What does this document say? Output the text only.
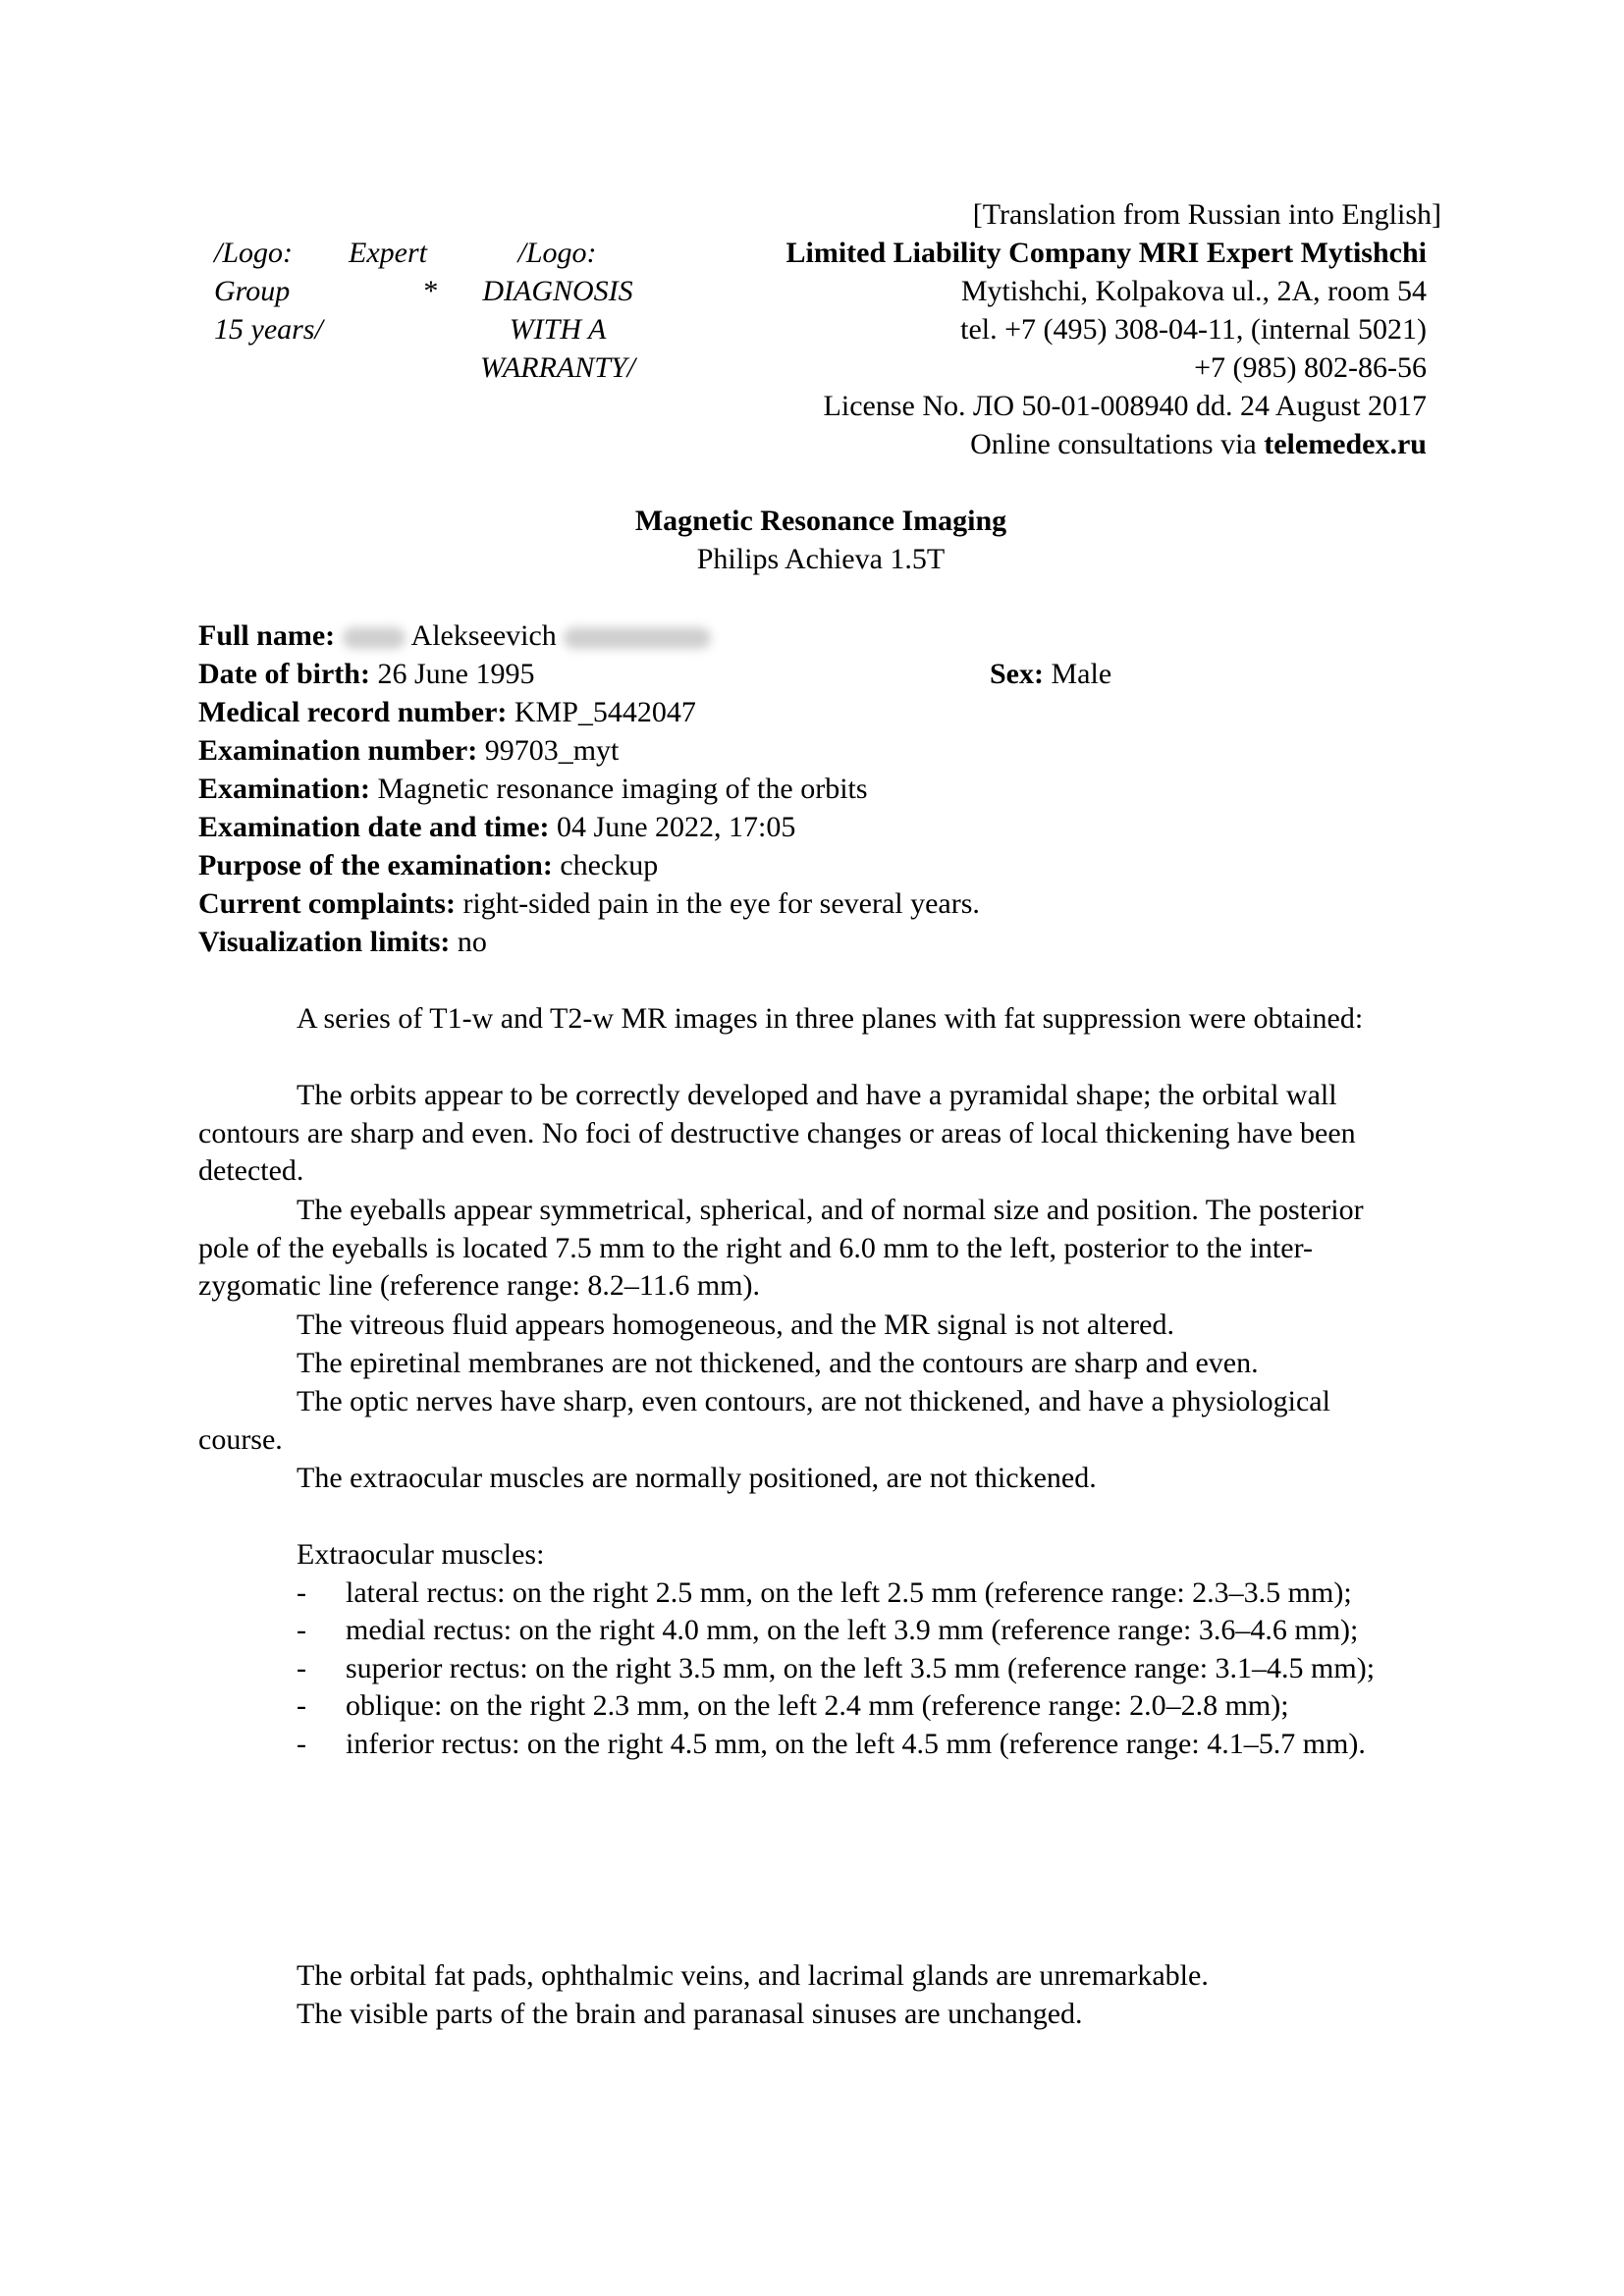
[Translation from Russian into English]
/Logo: Expert
Group	*
15 years/
/Logo:
DIAGNOSIS
WITH A
WARRANTY/
Limited Liability Company MRI Expert Mytishchi
Mytishchi, Kolpakova ul., 2A, room 54
tel. +7 (495) 308-04-11, (internal 5021)
+7 (985) 802-86-56
License No. ЛО 50-01-008940 dd. 24 August 2017
Online consultations via telemedex.ru
Magnetic Resonance Imaging
Philips Achieva 1.5T
Full name:	Alekseevich
Date of birth: 26 June 1995	Sex: Male
Medical record number: KMP_5442047
Examination number: 99703_myt
Examination: Magnetic resonance imaging of the orbits
Examination date and time: 04 June 2022, 17:05
Purpose of the examination: checkup
Current complaints: right-sided pain in the eye for several years.
Visualization limits: no
A series of T1-w and T2-w MR images in three planes with fat suppression were obtained:
The orbits appear to be correctly developed and have a pyramidal shape; the orbital wall contours are sharp and even. No foci of destructive changes or areas of local thickening have been detected.
The eyeballs appear symmetrical, spherical, and of normal size and position. The posterior pole of the eyeballs is located 7.5 mm to the right and 6.0 mm to the left, posterior to the inter-zygomatic line (reference range: 8.2–11.6 mm).
The vitreous fluid appears homogeneous, and the MR signal is not altered.
The epiretinal membranes are not thickened, and the contours are sharp and even.
The optic nerves have sharp, even contours, are not thickened, and have a physiological course.
The extraocular muscles are normally positioned, are not thickened.
Extraocular muscles:
- lateral rectus: on the right 2.5 mm, on the left 2.5 mm (reference range: 2.3–3.5 mm);
- medial rectus: on the right 4.0 mm, on the left 3.9 mm (reference range: 3.6–4.6 mm);
- superior rectus: on the right 3.5 mm, on the left 3.5 mm (reference range: 3.1–4.5 mm);
- oblique: on the right 2.3 mm, on the left 2.4 mm (reference range: 2.0–2.8 mm);
- inferior rectus: on the right 4.5 mm, on the left 4.5 mm (reference range: 4.1–5.7 mm).
The orbital fat pads, ophthalmic veins, and lacrimal glands are unremarkable.
The visible parts of the brain and paranasal sinuses are unchanged.
